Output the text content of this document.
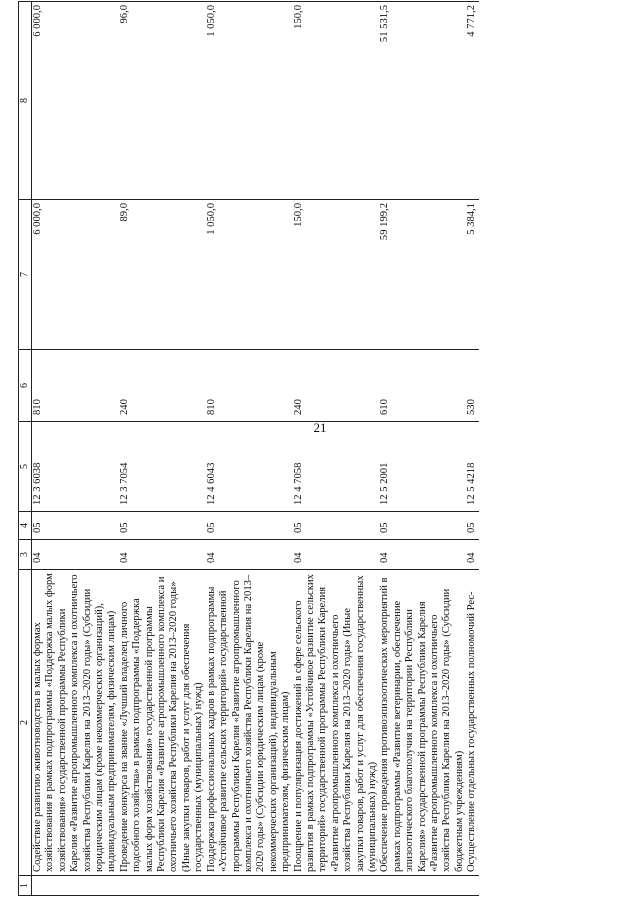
21
1	2	3	4	5	6	7	8
	Содействие развитию животноводства в малых формах хозяйствования в рамках подпрограммы «Поддержка малых форм хозяйствования» государственной программы Республики Карелия «Развитие агропромышленного комплекса и охотничьего хозяйства Республики Карелия на 2013–2020 годы» (Субсидии юридическим лицам (кроме некоммерческих организаций), индивидуальным предпринимателям, физическим лицам)	04	05	12 3 6038	810	6 000,0	6 000,0
	Проведение конкурса на звание «Лучший владелец личного подсобного хозяйства» в рамках подпрограммы «Поддержка малых форм хозяйствования» государственной программы Республики Карелия «Развитие агропромышленного комплекса и охотничьего хозяйства Республики Карелия на 2013–2020 годы» (Иные закупки товаров, работ и услуг для обеспечения государственных (муниципальных) нужд)	04	05	12 3 7054	240	89,0	96,0
	Поддержка профессиональных кадров в рамках подпрограммы «Устойчивое развитие сельских территорий» государственной программы Республики Карелия «Развитие агропромышленного комплекса и охотничьего хозяйства Республики Карелия на 2013–2020 годы» (Субсидии юридическим лицам (кроме некоммерческих организаций), индивидуальным предпринимателям, физическим лицам)	04	05	12 4 6043	810	1 050,0	1 050,0
	Поощрение и популяризация достижений в сфере сельского развития в рамках подпрограммы «Устойчивое развитие сельских территорий» государственной программы Республики Карелия «Развитие агропромышленного комплекса и охотничьего хозяйства Республики Карелия на 2013–2020 годы» (Иные закупки товаров, работ и услуг для обеспечения государственных (муниципальных) нужд)	04	05	12 4 7058	240	150,0	150,0
	Обеспечение проведения противоэпизоотических мероприятий в рамках подпрограммы «Развитие ветеринарии, обеспечение эпизоотического благополучия на территории Республики Карелия» государственной программы Республики Карелия «Развитие агропромышленного комплекса и охотничьего хозяйства Республики Карелия на 2013–2020 годы» (Субсидии бюджетным учреждениям)	04	05	12 5 2001	610	59 199,2	51 531,5
	Осуществление отдельных государственных полномочий Рес-	04	05	12 5 4218	530	5 384,1	4 771,2
